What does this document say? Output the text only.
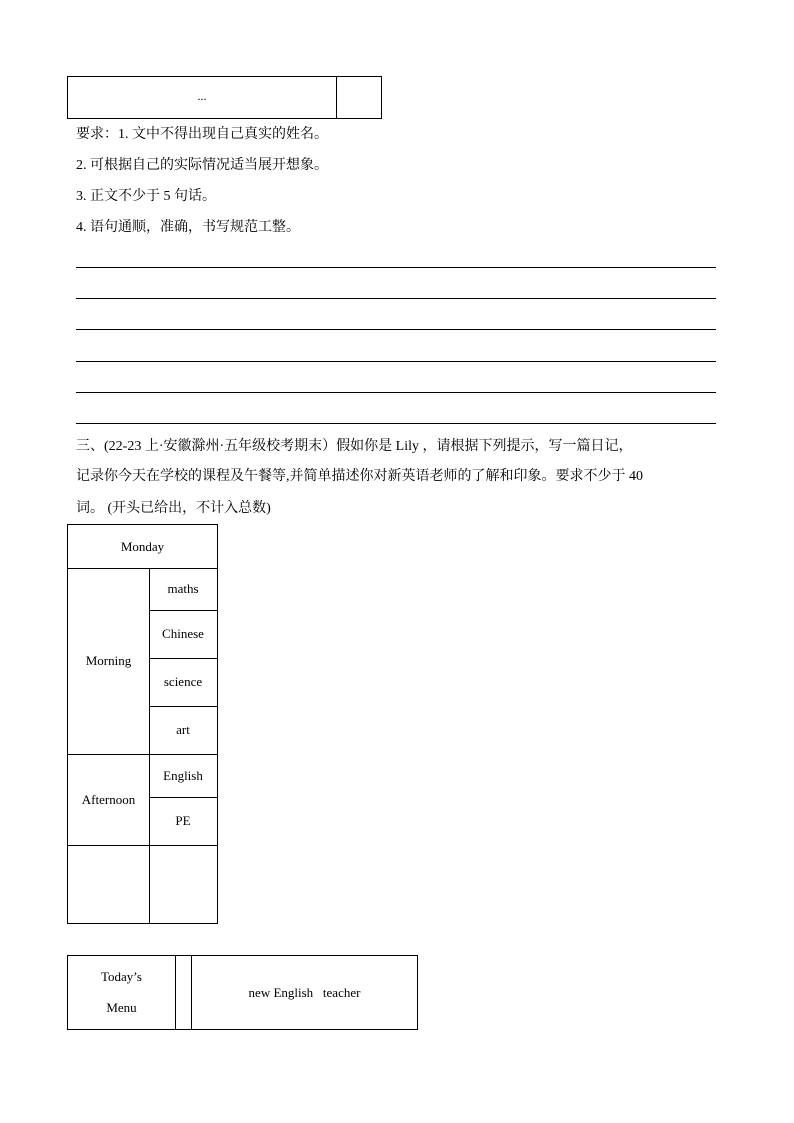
...
要求：1. 文中不得出现自己真实的姓名。
2. 可根据自己的实际情况适当展开想象。
3. 正文不少于 5 句话。
4. 语句通顺，准确，书写规范工整。
三、(22-23 上·安徽滁州·五年级校考期末）假如你是 Lily ，请根据下列提示，写一篇日记，
记录你今天在学校的课程及午餐等,并简单描述你对新英语老师的了解和印象。要求不少于 40
词。 (开头已给出，不计入总数)
Monday
Morning
maths
Chinese
science
art
Afternoon
English
PE
Today’s
Menu
new English   teacher
